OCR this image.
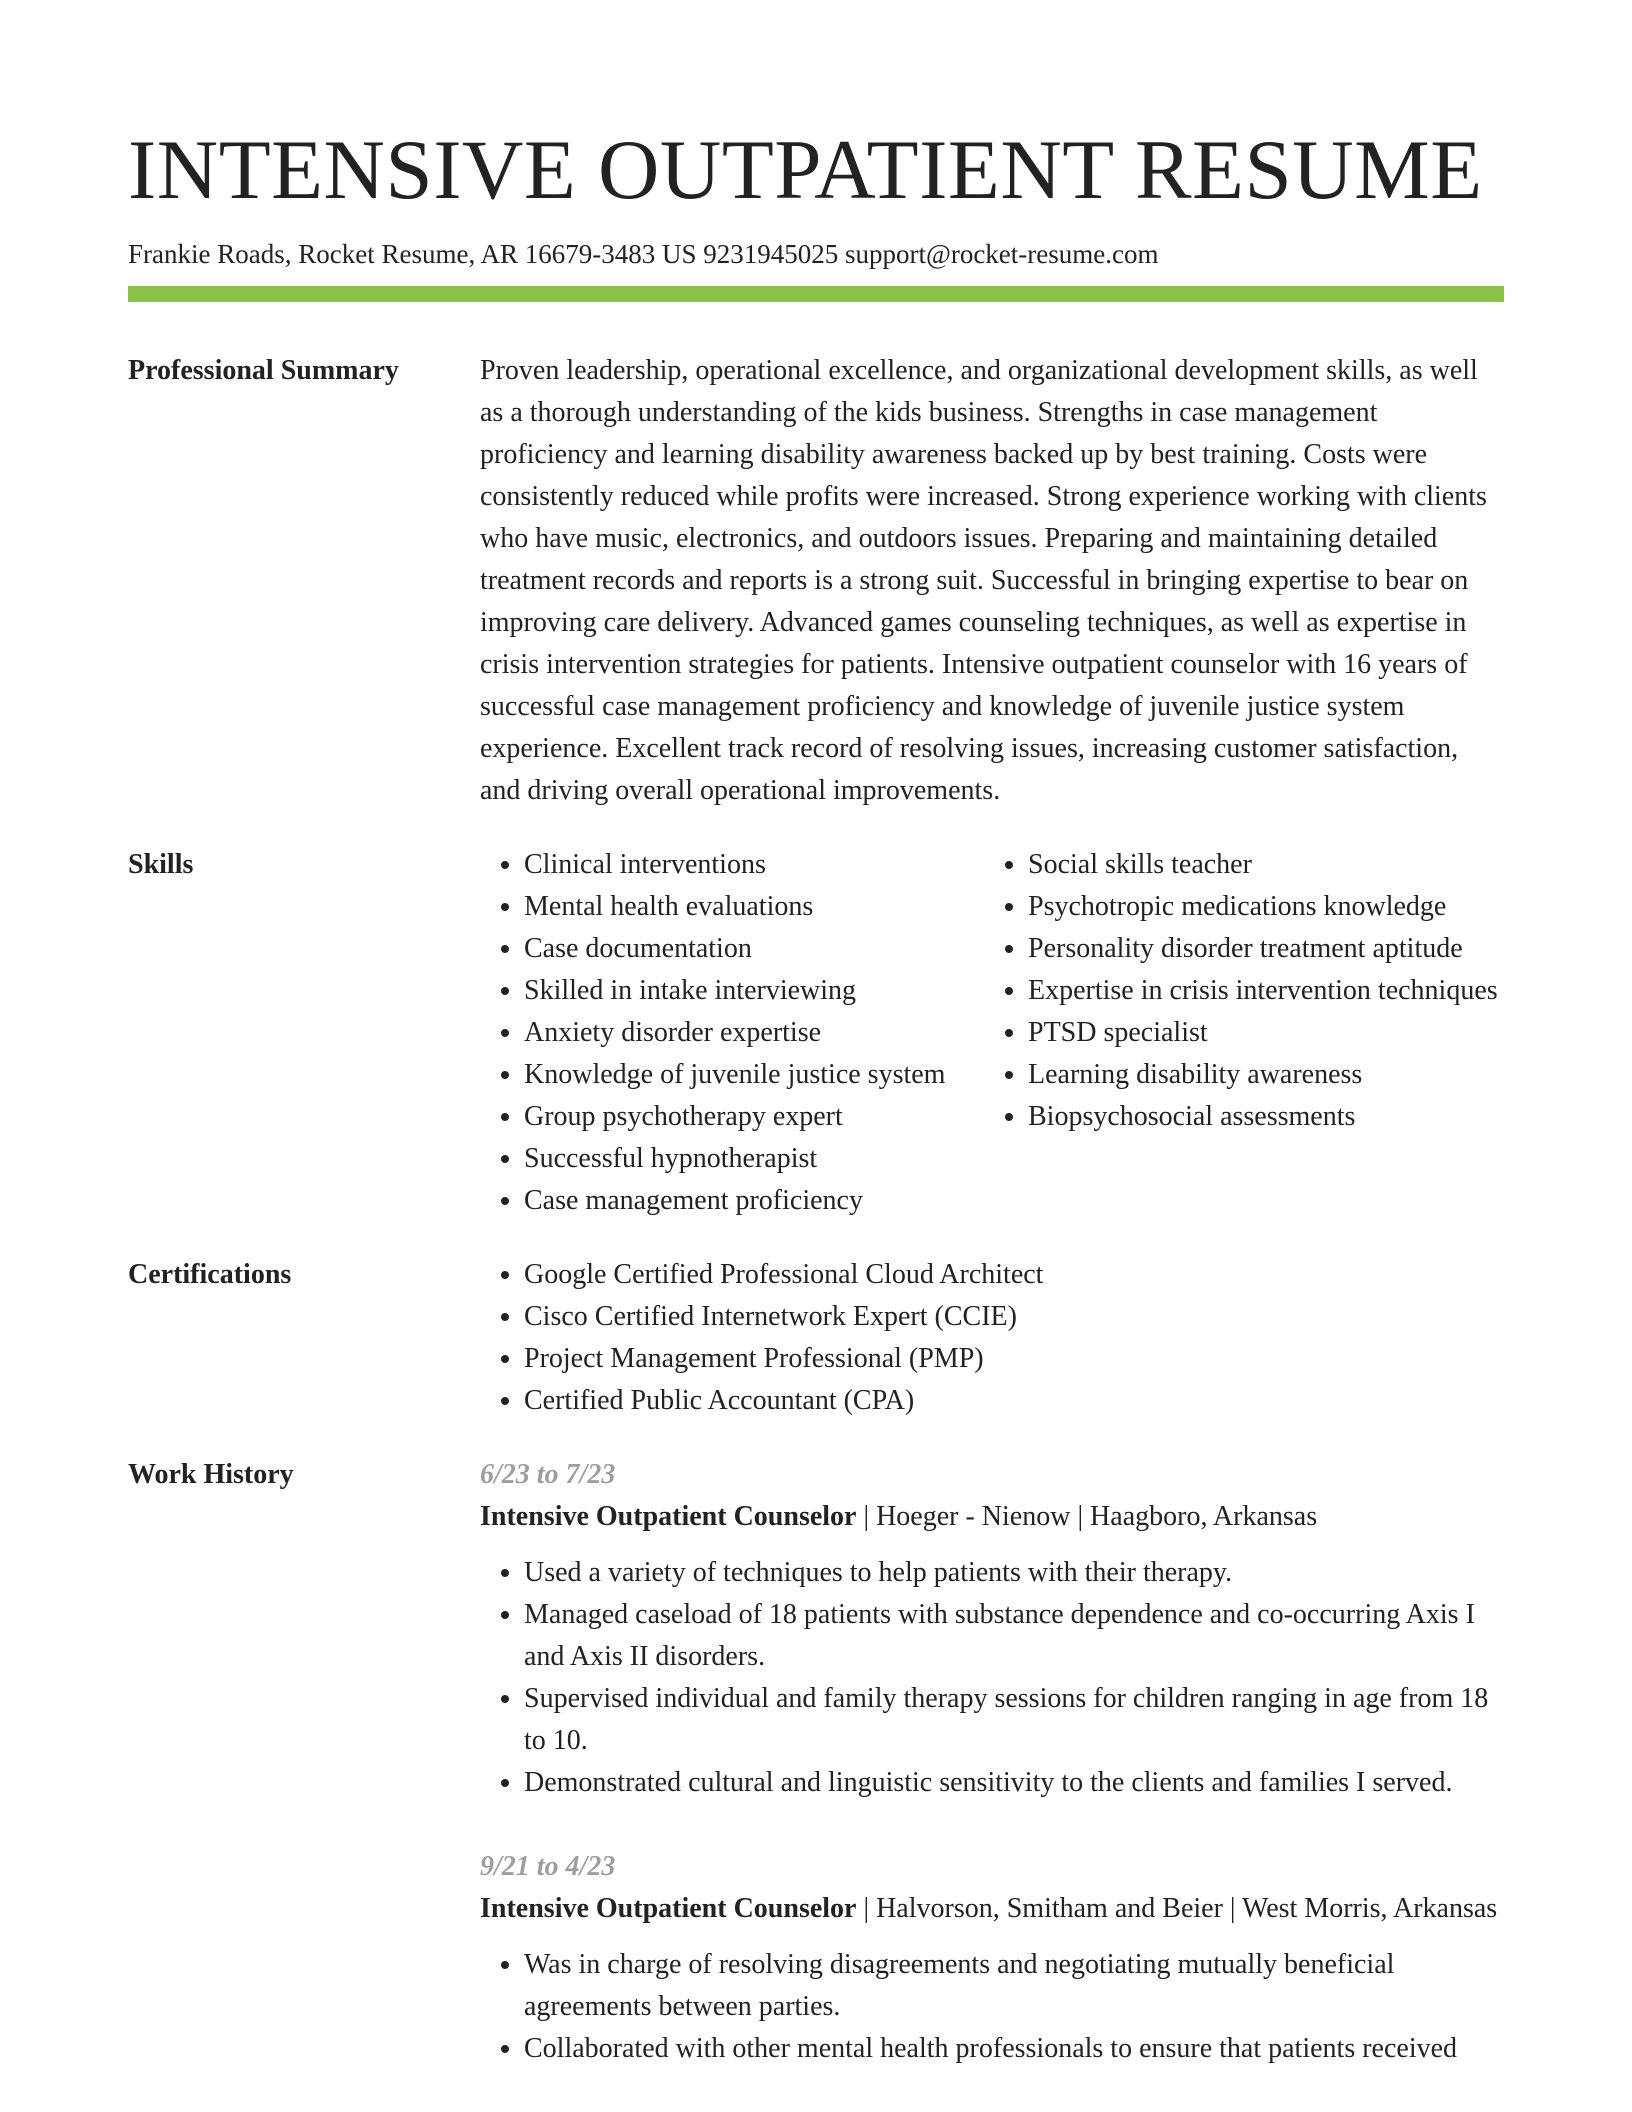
INTENSIVE OUTPATIENT RESUME
Frankie Roads, Rocket Resume, AR 16679-3483 US 9231945025 support@rocket-resume.com
Professional Summary	Proven leadership, operational excellence, and organizational development skills, as well as a thorough understanding of the kids business. Strengths in case management proficiency and learning disability awareness backed up by best training. Costs were consistently reduced while profits were increased. Strong experience working with clients who have music, electronics, and outdoors issues. Preparing and maintaining detailed treatment records and reports is a strong suit. Successful in bringing expertise to bear on improving care delivery. Advanced games counseling techniques, as well as expertise in crisis intervention strategies for patients. Intensive outpatient counselor with 16 years of successful case management proficiency and knowledge of juvenile justice system experience. Excellent track record of resolving issues, increasing customer satisfaction, and driving overall operational improvements.

Skills	• Clinical interventions
• Mental health evaluations
• Case documentation
• Skilled in intake interviewing
• Anxiety disorder expertise
• Knowledge of juvenile justice system
• Group psychotherapy expert
• Successful hypnotherapist
• Case management proficiency
• Social skills teacher
• Psychotropic medications knowledge
• Personality disorder treatment aptitude
• Expertise in crisis intervention techniques
• PTSD specialist
• Learning disability awareness
• Biopsychosocial assessments
Certifications	• Google Certified Professional Cloud Architect
• Cisco Certified Internetwork Expert (CCIE)
• Project Management Professional (PMP)
• Certified Public Accountant (CPA)
Work History	6/23 to 7/23
Intensive Outpatient Counselor | Hoeger - Nienow | Haagboro, Arkansas
• Used a variety of techniques to help patients with their therapy.
• Managed caseload of 18 patients with substance dependence and co-occurring Axis I and Axis II disorders.
• Supervised individual and family therapy sessions for children ranging in age from 18 to 10.
• Demonstrated cultural and linguistic sensitivity to the clients and families I served.
9/21 to 4/23
Intensive Outpatient Counselor | Halvorson, Smitham and Beier | West Morris, Arkansas
• Was in charge of resolving disagreements and negotiating mutually beneficial agreements between parties.
• Collaborated with other mental health professionals to ensure that patients received
